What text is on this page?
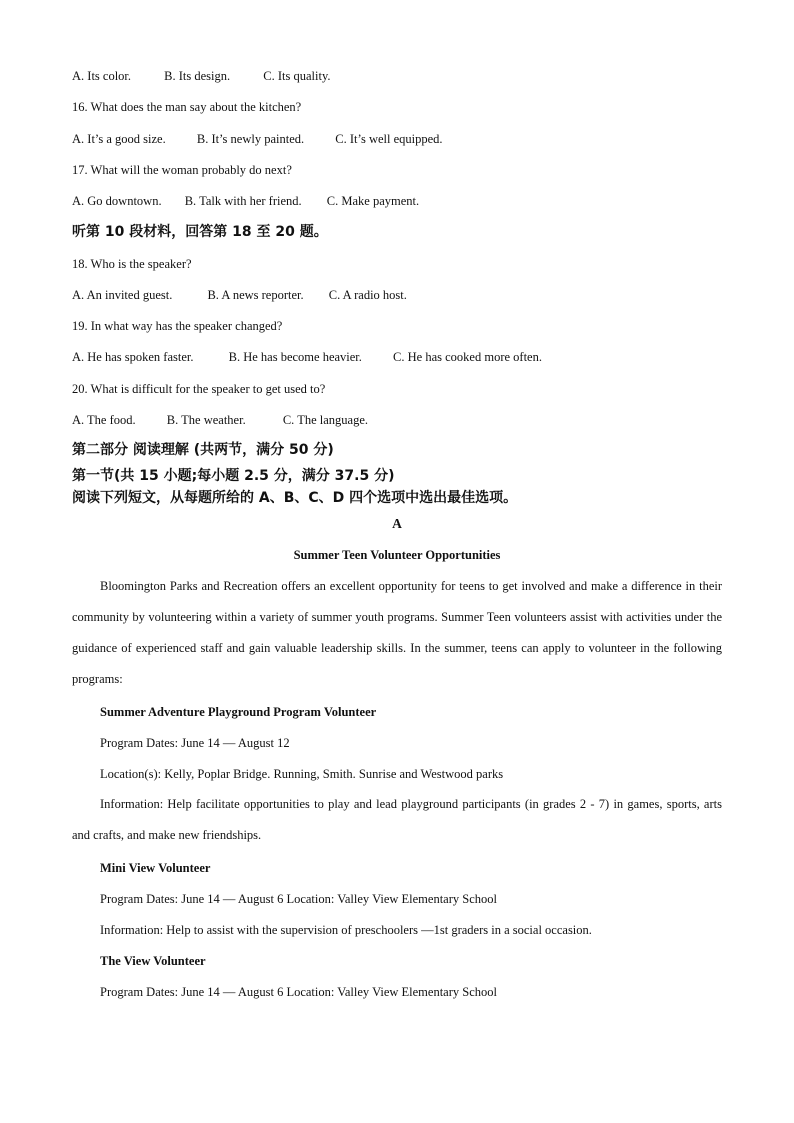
A. Its color.	B. Its design.	C. Its quality.
16. What does the man say about the kitchen?
A. It’s a good size. B. It’s newly painted. C. It’s well equipped.
17. What will the woman probably do next?
A. Go downtown. B. Talk with her friend. C. Make payment.
听第 10 段材料，回答第 18 至 20 题。
18. Who is the speaker?
A. An invited guest.	B. A news reporter. C. A radio host.
19. In what way has the speaker changed?
A. He has spoken faster.	B. He has become heavier. C. He has cooked more often.
20. What is difficult for the speaker to get used to?
A. The food. B. The weather.	C. The language.
第二部分 阅读理解 (共两节，满分 50 分)
第一节(共 15 小题;每小题 2.5 分，满分 37.5 分)
阅读下列短文，从每题所给的 A、B、C、D 四个选项中选出最佳选项。
A
Summer Teen Volunteer Opportunities
Bloomington Parks and Recreation offers an excellent opportunity for teens to get involved and make a difference in their community by volunteering within a variety of summer youth programs. Summer Teen volunteers assist with activities under the guidance of experienced staff and gain valuable leadership skills. In the summer, teens can apply to volunteer in the following programs:
Summer Adventure Playground Program Volunteer
Program Dates: June 14 — August 12
Location(s): Kelly, Poplar Bridge. Running, Smith. Sunrise and Westwood parks
Information: Help facilitate opportunities to play and lead playground participants (in grades 2 - 7) in games, sports, arts and crafts, and make new friendships.
Mini View Volunteer
Program Dates: June 14 — August 6 Location: Valley View Elementary School
Information: Help to assist with the supervision of preschoolers —1st graders in a social occasion.
The View Volunteer
Program Dates: June 14 — August 6 Location: Valley View Elementary School
